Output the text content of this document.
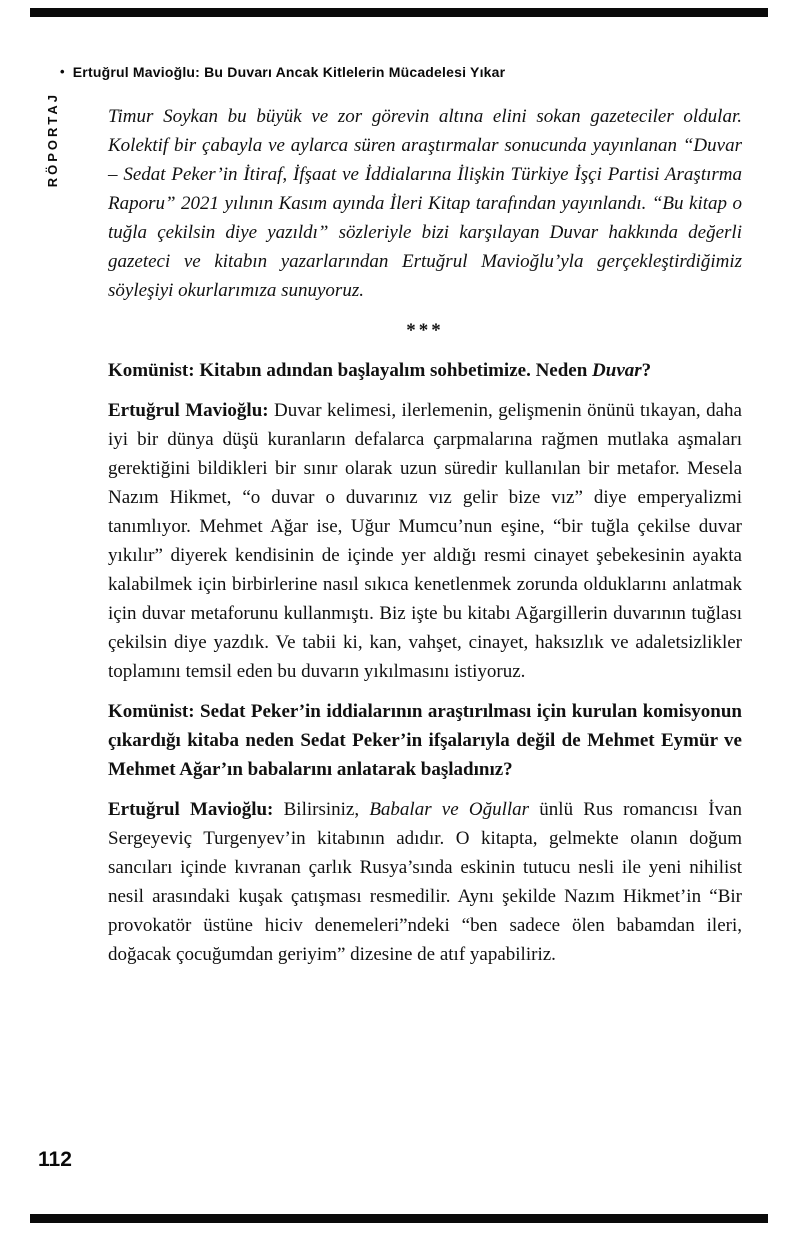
• Ertuğrul Mavioğlu: Bu Duvarı Ancak Kitlelerin Mücadelesi Yıkar
RÖPORTAJ	Timur Soykan bu büyük ve zor görevin altına elini sokan gazeteciler oldular. Kolektif bir çabayla ve aylarca süren araştırmalar sonucunda yayınlanan “Duvar – Sedat Peker’in İtiraf, İfşaat ve İddialarına İlişkin Türkiye İşçi Partisi Araştırma Raporu” 2021 yılının Kasım ayında İleri Kitap tarafından yayınlandı. “Bu kitap o tuğla çekilsin diye yazıldı” sözleriyle bizi karşılayan Duvar hakkında değerli gazeteci ve kitabın yazarlarından Ertuğrul Mavioğlu’yla gerçekleştirdiğimiz söyleşiyi okurlarımıza sunuyoruz.

***

Komünist: Kitabın adından başlayalım sohbetimize. Neden Duvar?

Ertuğrul Mavioğlu: Duvar kelimesi, ilerlemenin, gelişmenin önünü tıkayan, daha iyi bir dünya düşü kuranların defalarca çarpmalarına rağmen mutlaka aşmaları gerektiğini bildikleri bir sınır olarak uzun süredir kullanılan bir metafor. Mesela Nazım Hikmet, “o duvar o duvarınız vız gelir bize vız” diye emperyalizmi tanımlıyor. Mehmet Ağar ise, Uğur Mumcu’nun eşine, “bir tuğla çekilse duvar yıkılır” diyerek kendisinin de içinde yer aldığı resmi cinayet şebekesinin ayakta kalabilmek için birbirlerine nasıl sıkıca kenetlenmek zorunda olduklarını anlatmak için duvar metaforunu kullanmıştı. Biz işte bu kitabı Ağargillerin duvarının tuğlası çekilsin diye yazdık. Ve tabii ki, kan, vahşet, cinayet, haksızlık ve adaletsizlikler toplamını temsil eden bu duvarın yıkılmasını istiyoruz.

Komünist: Sedat Peker’in iddialarının araştırılması için kurulan komisyonun çıkardığı kitaba neden Sedat Peker’in ifşalarıyla değil de Mehmet Eymür ve Mehmet Ağar’ın babalarını anlatarak başladınız?

Ertuğrul Mavioğlu: Bilirsiniz, Babalar ve Oğullar ünlü Rus romancısı İvan Sergeyeviç Turgenyev’in kitabının adıdır. O kitapta, gelmekte olanın doğum sancıları içinde kıvranan çarlık Rusya’sında eskinin tutucu nesli ile yeni nihilist nesil arasındaki kuşak çatışması resmedilir. Aynı şekilde Nazım Hikmet’in “Bir provokatör üstüne hiciv denemeleri”ndeki “ben sadece ölen babamdan ileri, doğacak çocuğumdan geriyim” dizesine de atıf yapabiliriz.

112
